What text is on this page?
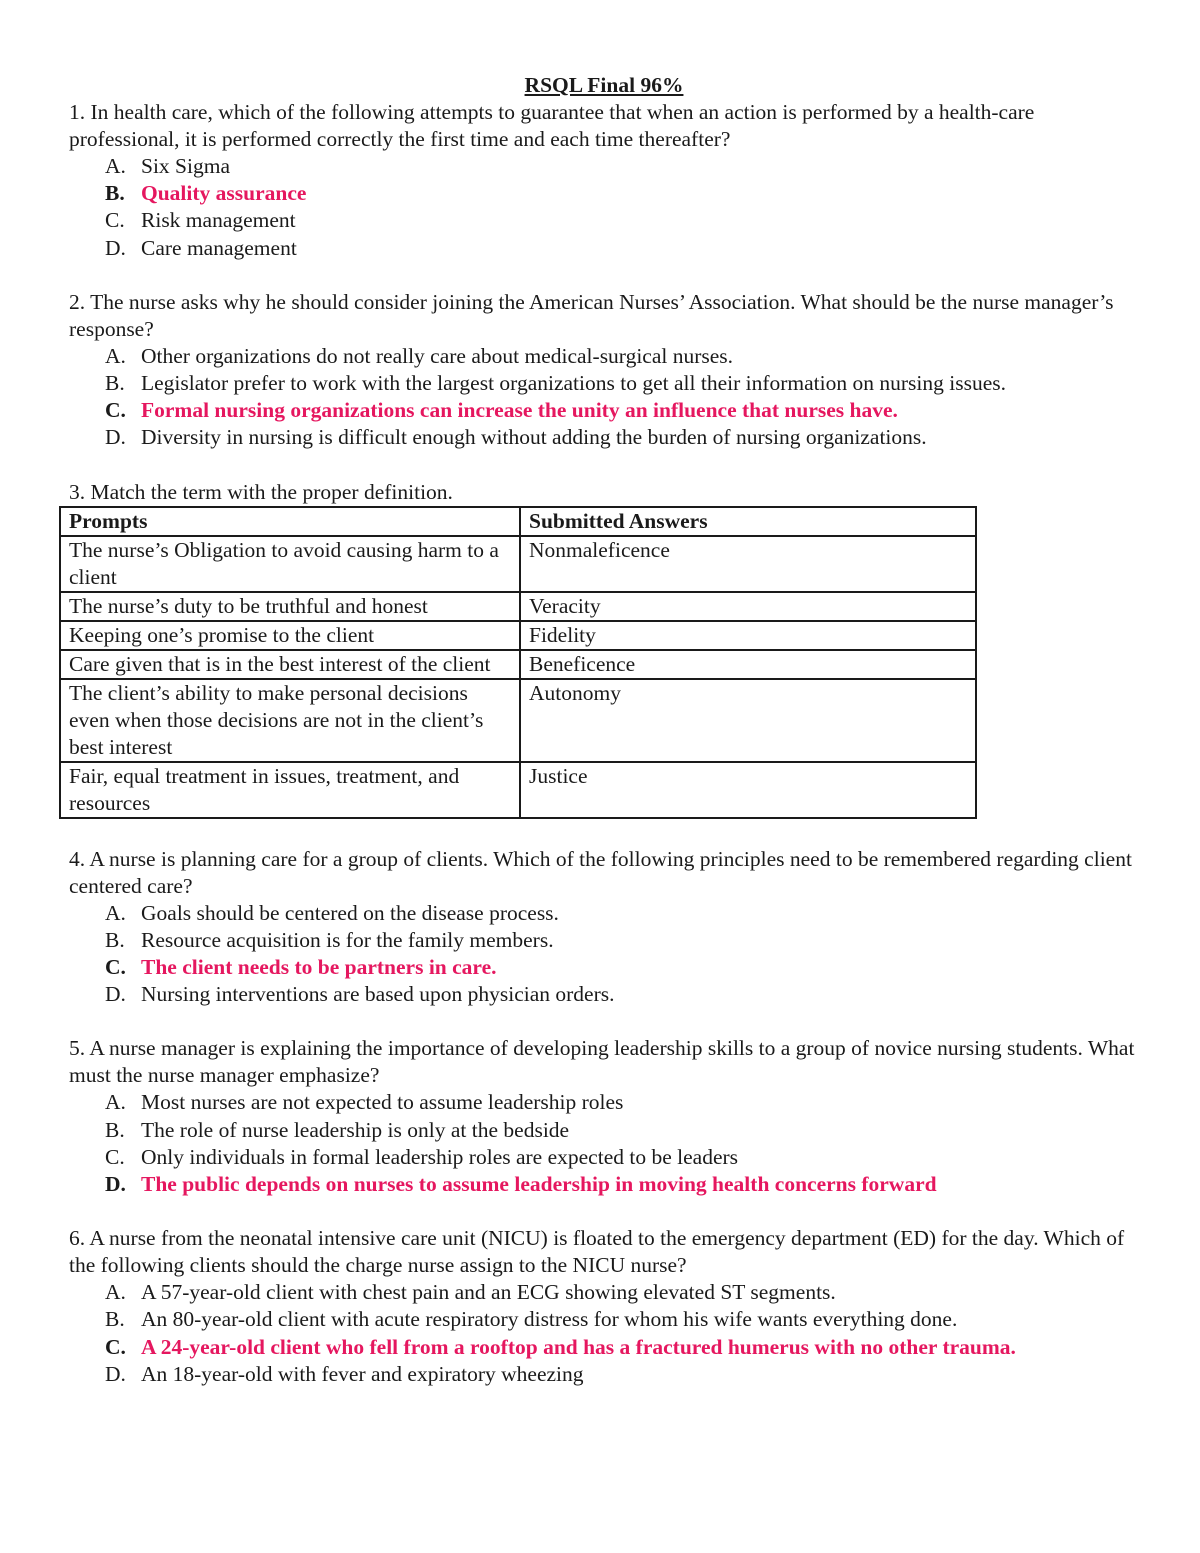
RSQL Final 96%

1. In health care, which of the following attempts to guarantee that when an action is performed by a health-care professional, it is performed correctly the first time and each time thereafter?

A. Six Sigma
B. Quality assurance
C. Risk management
D. Care management

2. The nurse asks why he should consider joining the American Nurses’ Association. What should be the nurse manager’s response?

A. Other organizations do not really care about medical-surgical nurses.
B. Legislator prefer to work with the largest organizations to get all their information on nursing issues.
C. Formal nursing organizations can increase the unity an influence that nurses have.
D. Diversity in nursing is difficult enough without adding the burden of nursing organizations.

3. Match the term with the proper definition.

Prompts	Submitted Answers
The nurse’s Obligation to avoid causing harm to a client	Nonmaleficence
The nurse’s duty to be truthful and honest	Veracity
Keeping one’s promise to the client	Fidelity
Care given that is in the best interest of the client	Beneficence
The client’s ability to make personal decisions even when those decisions are not in the client’s best interest	Autonomy
Fair, equal treatment in issues, treatment, and resources	Justice

4. A nurse is planning care for a group of clients. Which of the following principles need to be remembered regarding client centered care?

A. Goals should be centered on the disease process.
B. Resource acquisition is for the family members.
C. The client needs to be partners in care.
D. Nursing interventions are based upon physician orders.

5. A nurse manager is explaining the importance of developing leadership skills to a group of novice nursing students. What must the nurse manager emphasize?

A. Most nurses are not expected to assume leadership roles
B. The role of nurse leadership is only at the bedside
C. Only individuals in formal leadership roles are expected to be leaders
D. The public depends on nurses to assume leadership in moving health concerns forward

6. A nurse from the neonatal intensive care unit (NICU) is floated to the emergency department (ED) for the day. Which of the following clients should the charge nurse assign to the NICU nurse?

A. A 57-year-old client with chest pain and an ECG showing elevated ST segments.
B. An 80-year-old client with acute respiratory distress for whom his wife wants everything done.
C. A 24-year-old client who fell from a rooftop and has a fractured humerus with no other trauma.
D. An 18-year-old with fever and expiratory wheezing
